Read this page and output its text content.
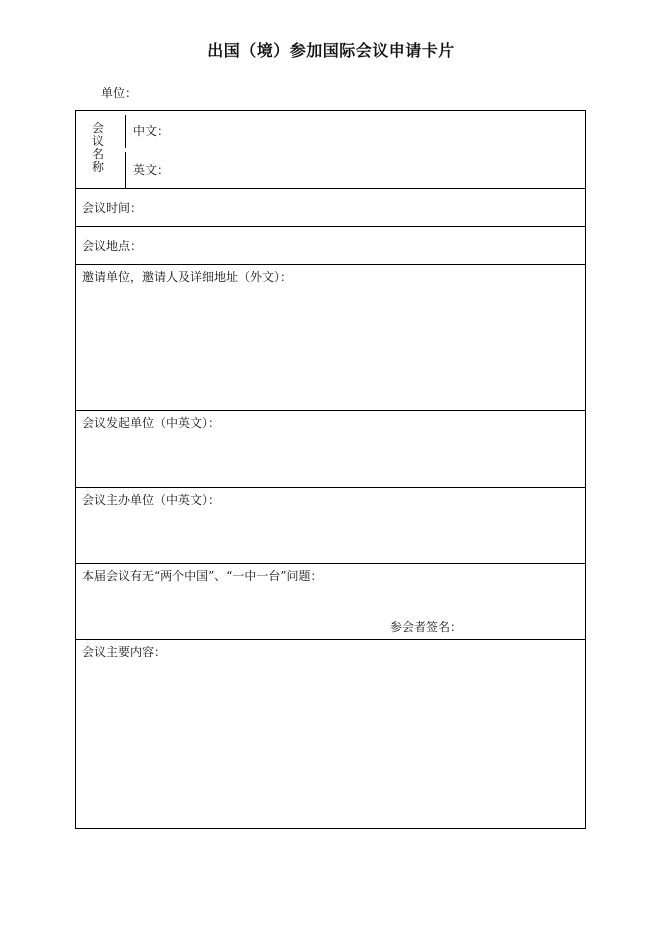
出国（境）参加国际会议申请卡片
单位：
会
议
名
称
中文：
英文：
会议时间：
会议地点：
邀请单位，邀请人及详细地址（外文）：
会议发起单位（中英文）：
会议主办单位（中英文）：
本届会议有无“两个中国”、“一中一台”问题：
参会者签名：
会议主要内容：
